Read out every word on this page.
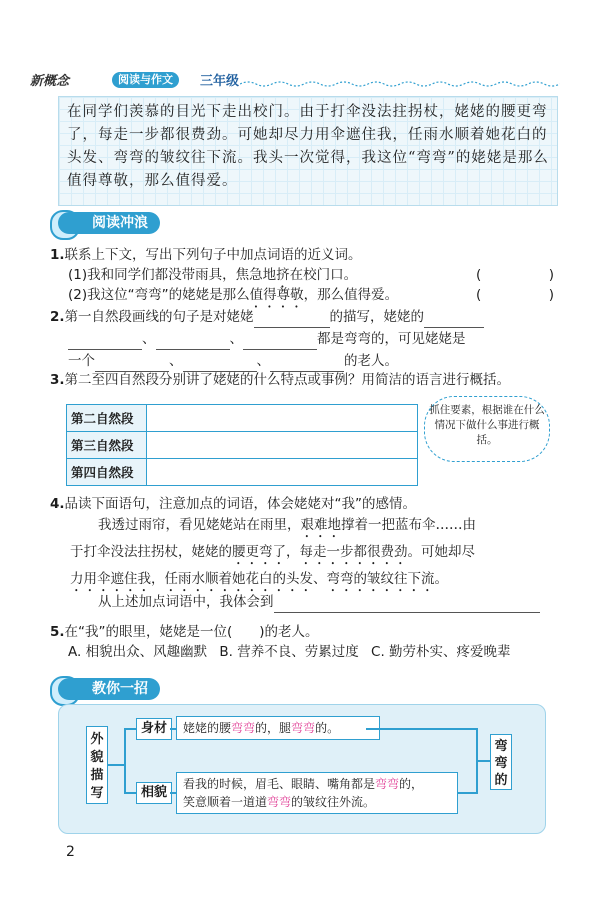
新概念	阅读与作文	三年级

在同学们羡慕的目光下走出校门。由于打伞没法拄拐杖，姥姥的腰更弯了，每走一步都很费劲。可她却尽力用伞遮住我，任雨水顺着她花白的头发、弯弯的皱纹往下流。我头一次觉得，我这位“弯弯”的姥姥是那么值得尊敬，那么值得爱。

阅读冲浪
1.联系上下文，写出下列句子中加点词语的近义词。
(1)我和同学们都没带雨具，焦急地挤在校门口。	(　　　　　)
(2)我这位“弯弯”的姥姥是那么值得尊敬，那么值得爱。	(　　　　　)
2.第一自然段画线的句子是对姥姥	的描写，姥姥的
、	、	都是弯弯的，可见姥姥是
一个	、	、	的老人。
3.第二至四自然段分别讲了姥姥的什么特点或事例？用简洁的语言进行概括。
第二自然段	
第三自然段	
第四自然段	
抓住要素，根据谁在什么情况下做什么事进行概括。
4.品读下面语句，注意加点的词语，体会姥姥对“我”的感情。
我透过雨帘，看见姥姥站在雨里，艰难地撑着一把蓝布伞……由
于打伞没法拄拐杖，姥姥的腰更弯了，每走一步都很费劲。可她却尽
力用伞遮住我，任雨水顺着她花白的头发、弯弯的皱纹往下流。
从上述加点词语中，我体会到
5.在“我”的眼里，姥姥是一位(　　)的老人。
A. 相貌出众、风趣幽默 B. 营养不良、劳累过度 C. 勤劳朴实、疼爱晚辈
教你一招
外貌描写
身材	姥姥的腰弯弯的，腿弯弯的。
相貌
看我的时候，眉毛、眼睛、嘴角都是弯弯的，
笑意顺着一道道弯弯的皱纹往外流。
弯弯的
2
